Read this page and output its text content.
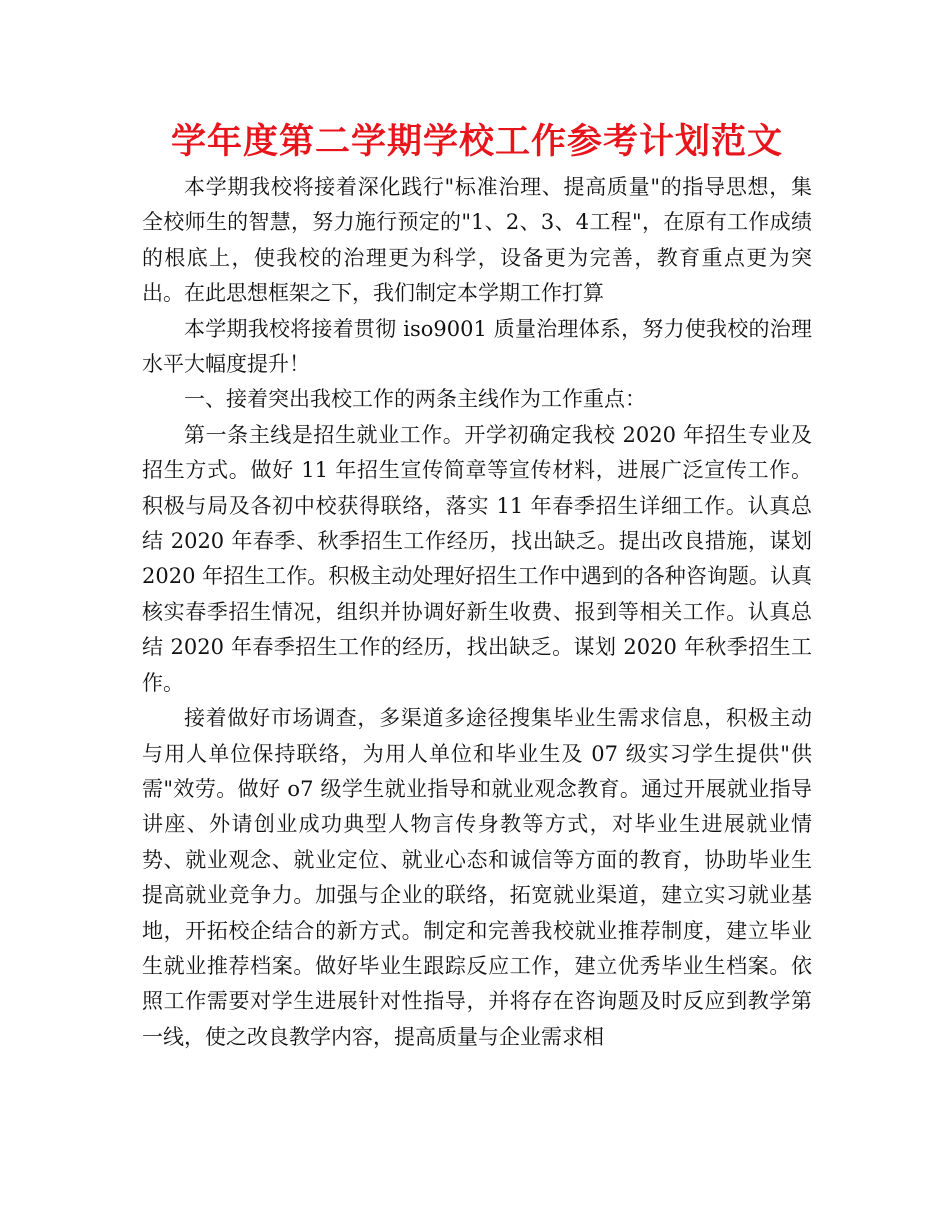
学年度第二学期学校工作参考计划范文

本学期我校将接着深化践行"标准治理、提高质量"的指导思想，集全校师生的智慧，努力施行预定的"1、2、3、4工程"，在原有工作成绩的根底上，使我校的治理更为科学，设备更为完善，教育重点更为突出。在此思想框架之下，我们制定本学期工作打算

本学期我校将接着贯彻 iso9001 质量治理体系，努力使我校的治理水平大幅度提升！

一、接着突出我校工作的两条主线作为工作重点：

第一条主线是招生就业工作。开学初确定我校 2020 年招生专业及招生方式。做好 11 年招生宣传简章等宣传材料，进展广泛宣传工作。积极与局及各初中校获得联络，落实 11 年春季招生详细工作。认真总结 2020 年春季、秋季招生工作经历，找出缺乏。提出改良措施，谋划 2020 年招生工作。积极主动处理好招生工作中遇到的各种咨询题。认真核实春季招生情况，组织并协调好新生收费、报到等相关工作。认真总结 2020 年春季招生工作的经历，找出缺乏。谋划 2020 年秋季招生工作。

接着做好市场调查，多渠道多途径搜集毕业生需求信息，积极主动与用人单位保持联络，为用人单位和毕业生及 07 级实习学生提供"供需"效劳。做好 o7 级学生就业指导和就业观念教育。通过开展就业指导讲座、外请创业成功典型人物言传身教等方式，对毕业生进展就业情势、就业观念、就业定位、就业心态和诚信等方面的教育，协助毕业生提高就业竞争力。加强与企业的联络，拓宽就业渠道，建立实习就业基地，开拓校企结合的新方式。制定和完善我校就业推荐制度，建立毕业生就业推荐档案。做好毕业生跟踪反应工作，建立优秀毕业生档案。依照工作需要对学生进展针对性指导，并将存在咨询题及时反应到教学第一线，使之改良教学内容，提高质量与企业需求相
